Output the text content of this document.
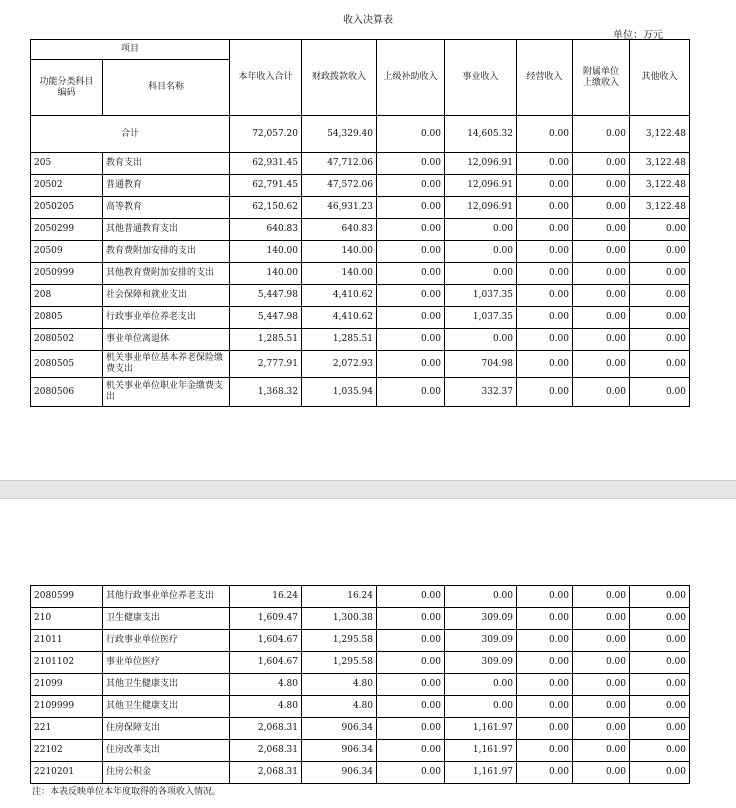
收入决算表
单位：万元
项目		本年收入合计	财政拨款收入	上级补助收入	事业收入	经营收入	附属单位上缴收入	其他收入
功能分类科目编码	科目名称							
合计		72,057.20	54,329.40	0.00	14,605.32	0.00	0.00	3,122.48
205	教育支出	62,931.45	47,712.06	0.00	12,096.91	0.00	0.00	3,122.48
20502	普通教育	62,791.45	47,572.06	0.00	12,096.91	0.00	0.00	3,122.48
2050205	高等教育	62,150.62	46,931.23	0.00	12,096.91	0.00	0.00	3,122.48
2050299	其他普通教育支出	640.83	640.83	0.00	0.00	0.00	0.00	0.00
20509	教育费附加安排的支出	140.00	140.00	0.00	0.00	0.00	0.00	0.00
2050999	其他教育费附加安排的支出	140.00	140.00	0.00	0.00	0.00	0.00	0.00
208	社会保障和就业支出	5,447.98	4,410.62	0.00	1,037.35	0.00	0.00	0.00
20805	行政事业单位养老支出	5,447.98	4,410.62	0.00	1,037.35	0.00	0.00	0.00
2080502	事业单位离退休	1,285.51	1,285.51	0.00	0.00	0.00	0.00	0.00
2080505	机关事业单位基本养老保险缴费支出	2,777.91	2,072.93	0.00	704.98	0.00	0.00	0.00
2080506	机关事业单位职业年金缴费支出	1,368.32	1,035.94	0.00	332.37	0.00	0.00	0.00
2080599	其他行政事业单位养老支出	16.24	16.24	0.00	0.00	0.00	0.00	0.00
210	卫生健康支出	1,609.47	1,300.38	0.00	309.09	0.00	0.00	0.00
21011	行政事业单位医疗	1,604.67	1,295.58	0.00	309.09	0.00	0.00	0.00
2101102	事业单位医疗	1,604.67	1,295.58	0.00	309.09	0.00	0.00	0.00
21099	其他卫生健康支出	4.80	4.80	0.00	0.00	0.00	0.00	0.00
2109999	其他卫生健康支出	4.80	4.80	0.00	0.00	0.00	0.00	0.00
221	住房保障支出	2,068.31	906.34	0.00	1,161.97	0.00	0.00	0.00
22102	住房改革支出	2,068.31	906.34	0.00	1,161.97	0.00	0.00	0.00
2210201	住房公积金	2,068.31	906.34	0.00	1,161.97	0.00	0.00	0.00
注：本表反映单位本年度取得的各项收入情况。
